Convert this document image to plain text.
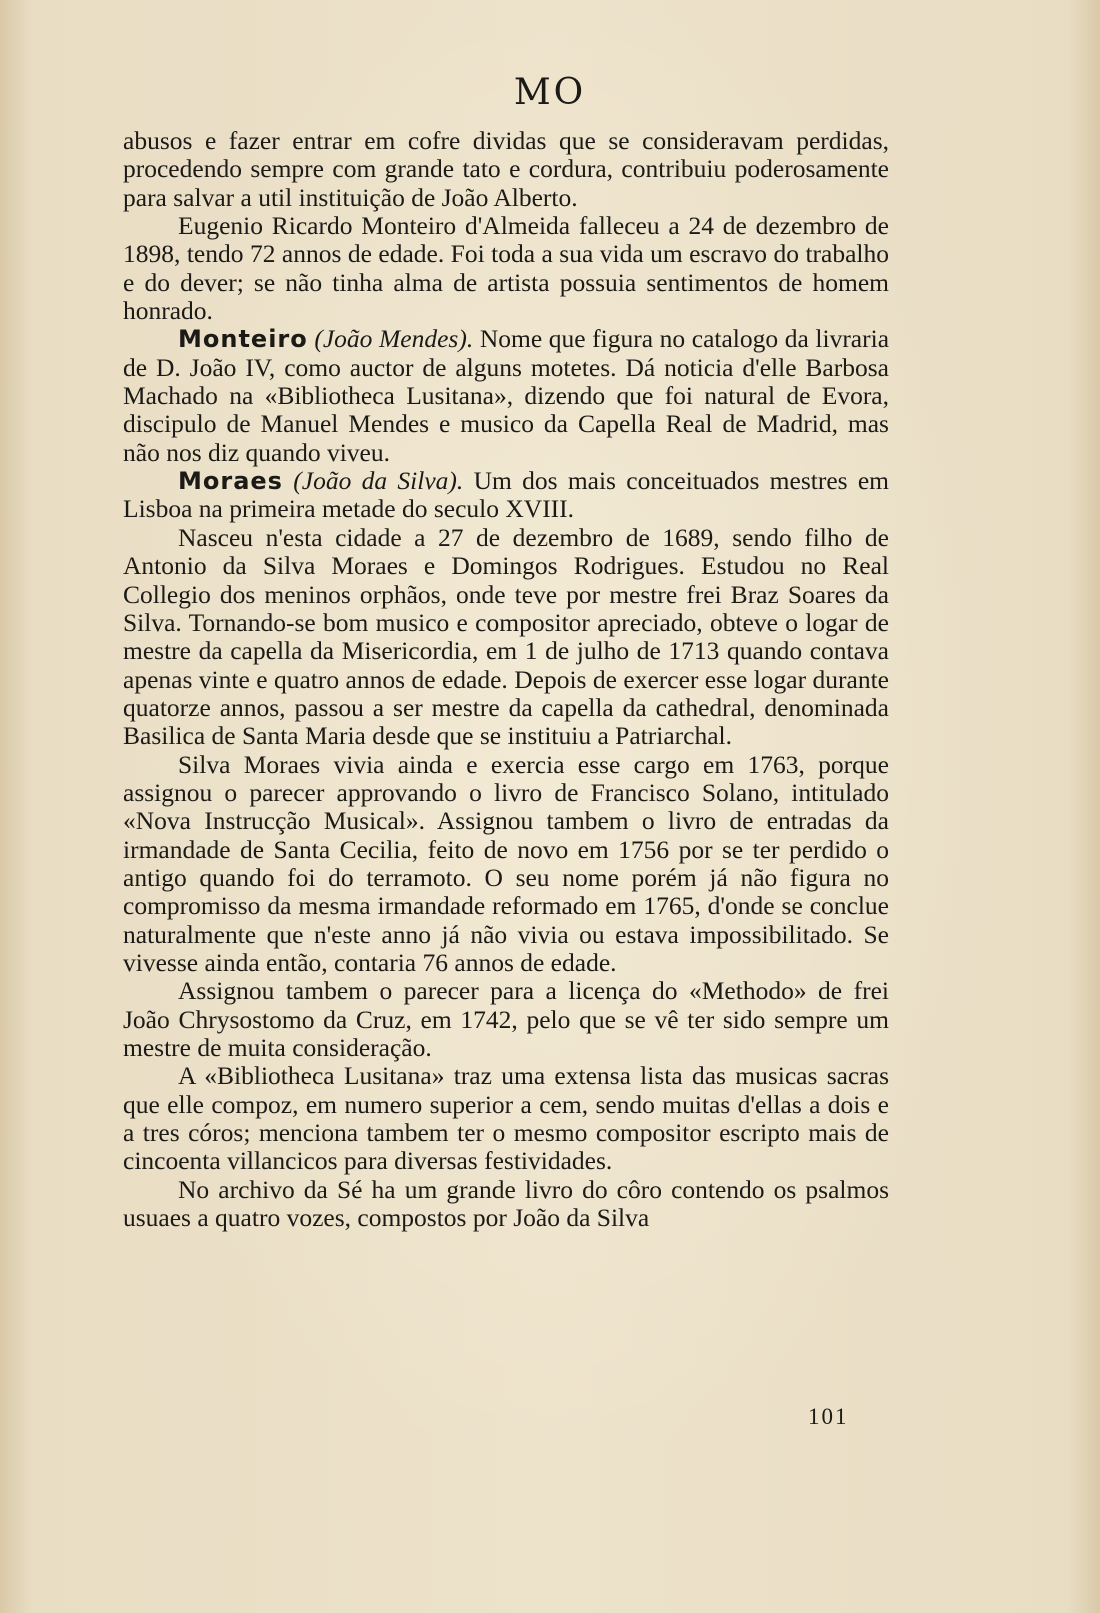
MO

abusos e fazer entrar em cofre dividas que se consideravam perdidas, procedendo sempre com grande tato e cordura, contribuiu poderosamente para salvar a util instituição de João Alberto.

Eugenio Ricardo Monteiro d'Almeida falleceu a 24 de dezembro de 1898, tendo 72 annos de edade. Foi toda a sua vida um escravo do trabalho e do dever; se não tinha alma de artista possuia sentimentos de homem honrado.

Monteiro (João Mendes). Nome que figura no catalogo da livraria de D. João IV, como auctor de alguns motetes. Dá noticia d'elle Barbosa Machado na «Bibliotheca Lusitana», dizendo que foi natural de Evora, discipulo de Manuel Mendes e musico da Capella Real de Madrid, mas não nos diz quando viveu.

Moraes (João da Silva). Um dos mais conceituados mestres em Lisboa na primeira metade do seculo XVIII.

Nasceu n'esta cidade a 27 de dezembro de 1689, sendo filho de Antonio da Silva Moraes e Domingos Rodrigues. Estudou no Real Collegio dos meninos orphãos, onde teve por mestre frei Braz Soares da Silva. Tornando-se bom musico e compositor apreciado, obteve o logar de mestre da capella da Misericordia, em 1 de julho de 1713 quando contava apenas vinte e quatro annos de edade. Depois de exercer esse logar durante quatorze annos, passou a ser mestre da capella da cathedral, denominada Basilica de Santa Maria desde que se instituiu a Patriarchal.

Silva Moraes vivia ainda e exercia esse cargo em 1763, porque assignou o parecer approvando o livro de Francisco Solano, intitulado «Nova Instrucção Musical». Assignou tambem o livro de entradas da irmandade de Santa Cecilia, feito de novo em 1756 por se ter perdido o antigo quando foi do terramoto. O seu nome porém já não figura no compromisso da mesma irmandade reformado em 1765, d'onde se conclue naturalmente que n'este anno já não vivia ou estava impossibilitado. Se vivesse ainda então, contaria 76 annos de edade.

Assignou tambem o parecer para a licença do «Methodo» de frei João Chrysostomo da Cruz, em 1742, pelo que se vê ter sido sempre um mestre de muita consideração.

A «Bibliotheca Lusitana» traz uma extensa lista das musicas sacras que elle compoz, em numero superior a cem, sendo muitas d'ellas a dois e a tres córos; menciona tambem ter o mesmo compositor escripto mais de cincoenta villancicos para diversas festividades.

No archivo da Sé ha um grande livro do côro contendo os psalmos usuaes a quatro vozes, compostos por João da Silva

101
